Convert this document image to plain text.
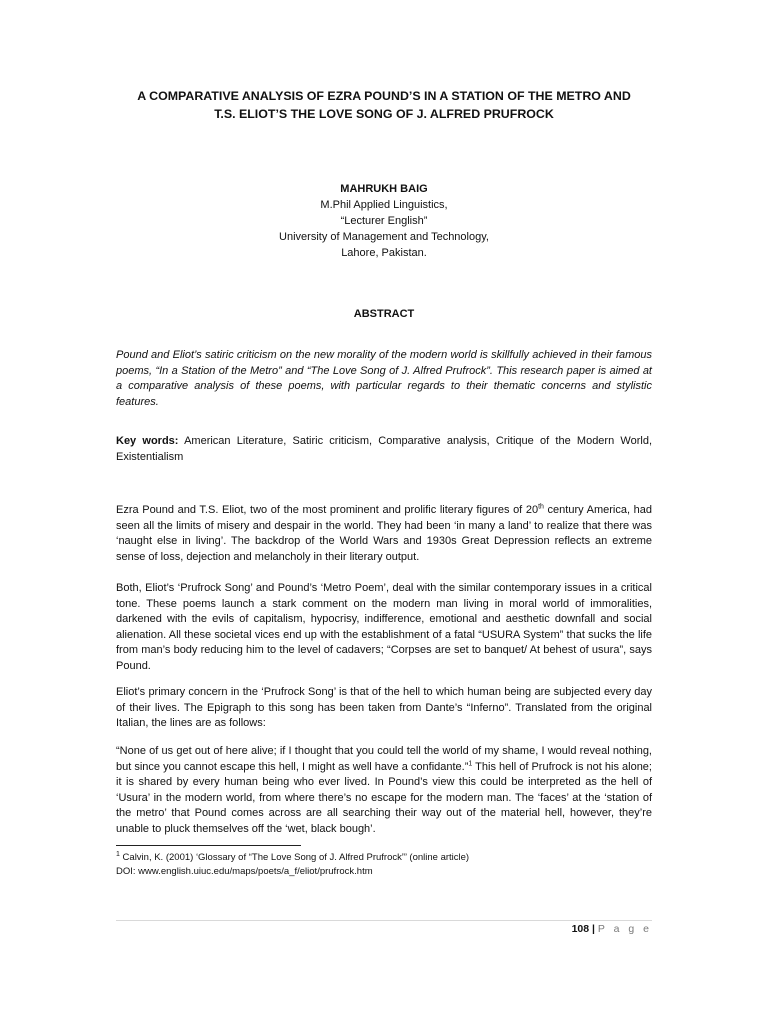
A COMPARATIVE ANALYSIS OF EZRA POUND’S IN A STATION OF THE METRO AND
T.S. ELIOT’S THE LOVE SONG OF J. ALFRED PRUFROCK
MAHRUKH BAIG
M.Phil Applied Linguistics,
“Lecturer English”
University of Management and Technology,
Lahore, Pakistan.
ABSTRACT
Pound and Eliot’s satiric criticism on the new morality of the modern world is skillfully achieved in their famous poems, “In a Station of the Metro” and “The Love Song of J. Alfred Prufrock”. This research paper is aimed at a comparative analysis of these poems, with particular regards to their thematic concerns and stylistic features.
Key words: American Literature, Satiric criticism, Comparative analysis, Critique of the Modern World, Existentialism
Ezra Pound and T.S. Eliot, two of the most prominent and prolific literary figures of 20th century America, had seen all the limits of misery and despair in the world. They had been ‘in many a land’ to realize that there was ‘naught else in living’. The backdrop of the World Wars and 1930s Great Depression reflects an extreme sense of loss, dejection and melancholy in their literary output.
Both, Eliot’s ‘Prufrock Song’ and Pound’s ‘Metro Poem’, deal with the similar contemporary issues in a critical tone. These poems launch a stark comment on the modern man living in moral world of immoralities, darkened with the evils of capitalism, hypocrisy, indifference, emotional and aesthetic downfall and social alienation. All these societal vices end up with the establishment of a fatal “USURA System” that sucks the life from man’s body reducing him to the level of cadavers; “Corpses are set to banquet/ At behest of usura”, says Pound.
Eliot’s primary concern in the ‘Prufrock Song’ is that of the hell to which human being are subjected every day of their lives. The Epigraph to this song has been taken from Dante’s “Inferno”. Translated from the original Italian, the lines are as follows:
“None of us get out of here alive; if I thought that you could tell the world of my shame, I would reveal nothing, but since you cannot escape this hell, I might as well have a confidante.”$^1$ This hell of Prufrock is not his alone; it is shared by every human being who ever lived. In Pound’s view this could be interpreted as the hell of ‘Usura’ in the modern world, from where there’s no escape for the modern man. The ‘faces’ at the ‘station of the metro’ that Pound comes across are all searching their way out of the material hell, however, they’re unable to pluck themselves off the ‘wet, black bough’.
$^1$ Calvin, K. (2001) ‘Glossary of “The Love Song of J. Alfred Prufrock”’ (online article)
DOI: www.english.uiuc.edu/maps/poets/a_f/eliot/prufrock.htm
108 | P a g e
